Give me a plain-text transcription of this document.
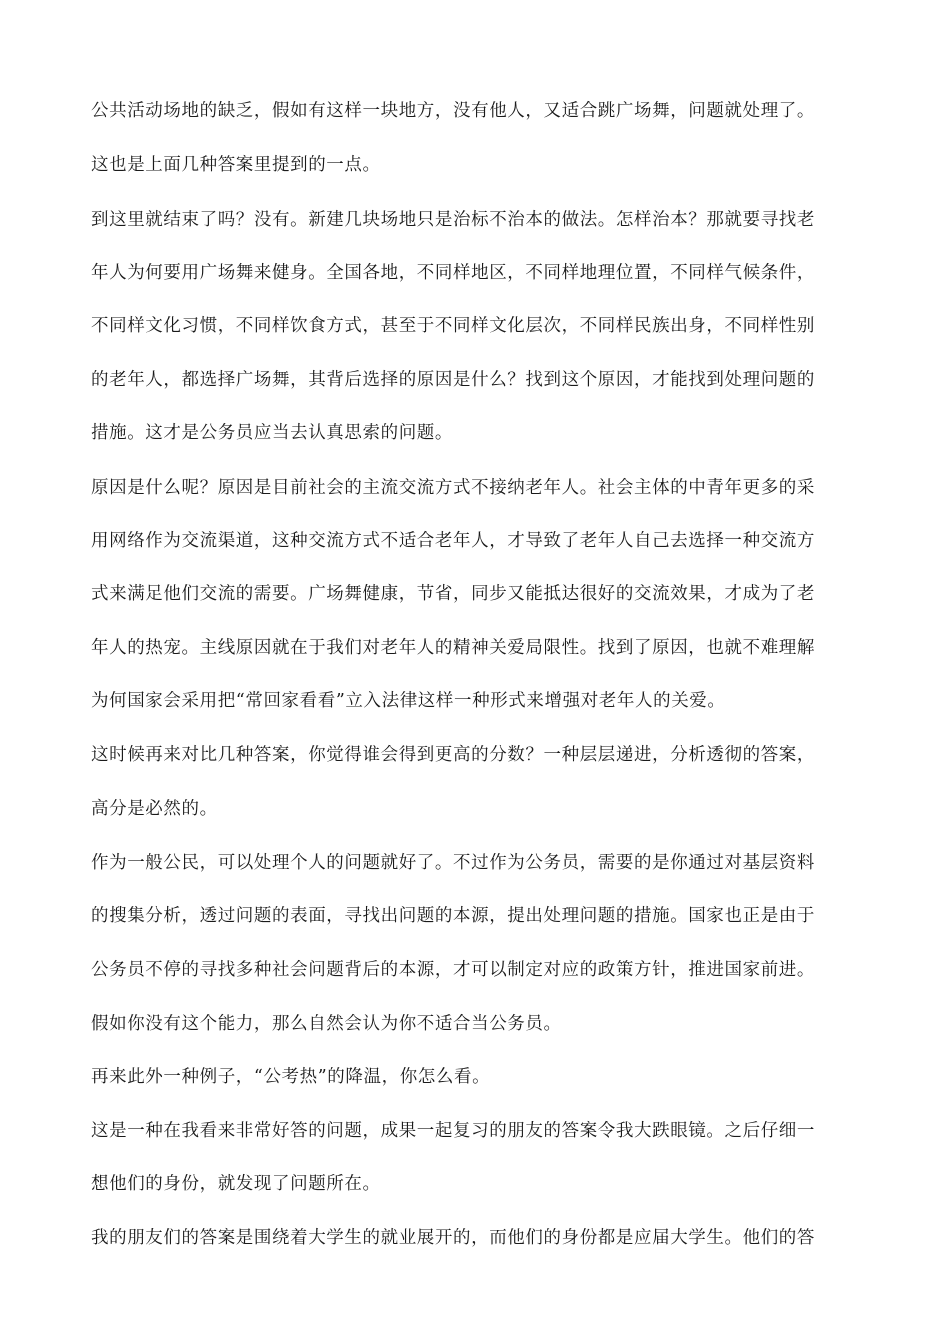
公共活动场地的缺乏，假如有这样一块地方，没有他人，又适合跳广场舞，问题就处理了。
这也是上面几种答案里提到的一点。
到这里就结束了吗？没有。新建几块场地只是治标不治本的做法。怎样治本？那就要寻找老
年人为何要用广场舞来健身。全国各地，不同样地区，不同样地理位置，不同样气候条件，
不同样文化习惯，不同样饮食方式，甚至于不同样文化层次，不同样民族出身，不同样性别
的老年人，都选择广场舞，其背后选择的原因是什么？找到这个原因，才能找到处理问题的
措施。这才是公务员应当去认真思索的问题。
原因是什么呢？原因是目前社会的主流交流方式不接纳老年人。社会主体的中青年更多的采
用网络作为交流渠道，这种交流方式不适合老年人，才导致了老年人自己去选择一种交流方
式来满足他们交流的需要。广场舞健康，节省，同步又能抵达很好的交流效果，才成为了老
年人的热宠。主线原因就在于我们对老年人的精神关爱局限性。找到了原因，也就不难理解
为何国家会采用把“常回家看看”立入法律这样一种形式来增强对老年人的关爱。
这时候再来对比几种答案，你觉得谁会得到更高的分数？一种层层递进，分析透彻的答案，
高分是必然的。
作为一般公民，可以处理个人的问题就好了。不过作为公务员，需要的是你通过对基层资料
的搜集分析，透过问题的表面，寻找出问题的本源，提出处理问题的措施。国家也正是由于
公务员不停的寻找多种社会问题背后的本源，才可以制定对应的政策方针，推进国家前进。
假如你没有这个能力，那么自然会认为你不适合当公务员。
再来此外一种例子，“公考热”的降温，你怎么看。
这是一种在我看来非常好答的问题，成果一起复习的朋友的答案令我大跌眼镜。之后仔细一
想他们的身份，就发现了问题所在。
我的朋友们的答案是围绕着大学生的就业展开的，而他们的身份都是应届大学生。他们的答
